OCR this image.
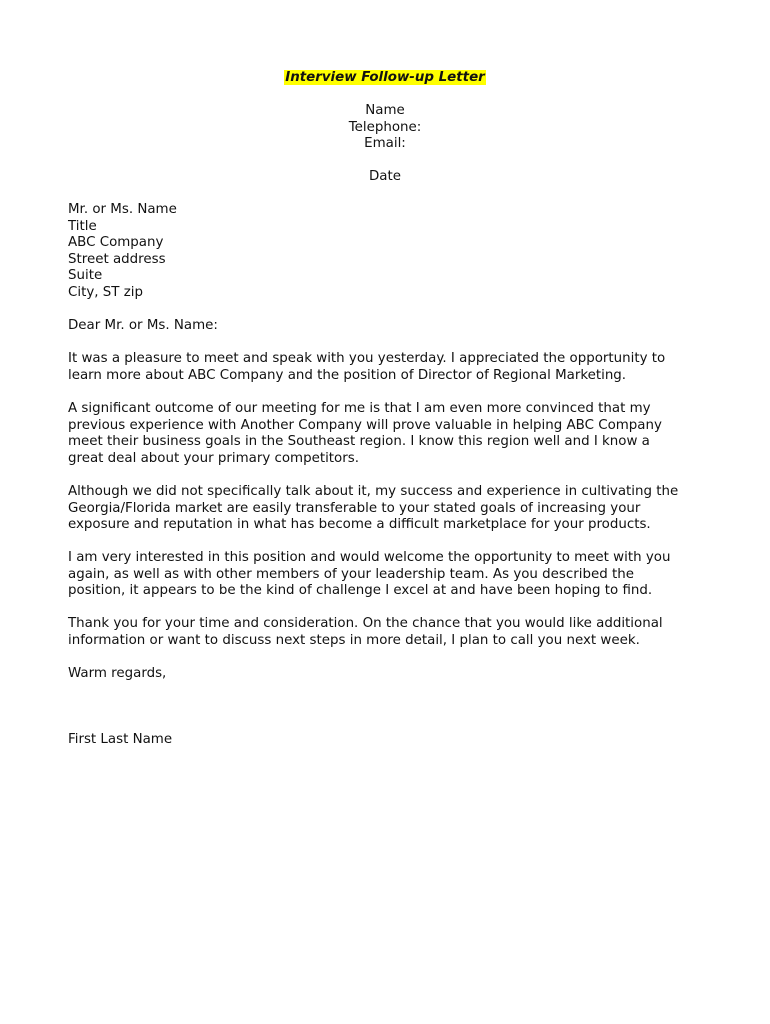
Interview Follow-up Letter
Name
Telephone:
Email:
Date
Mr. or Ms. Name
Title
ABC Company
Street address
Suite
City, ST zip
Dear Mr. or Ms. Name:
It was a pleasure to meet and speak with you yesterday. I appreciated the opportunity to
learn more about ABC Company and the position of Director of Regional Marketing.
A significant outcome of our meeting for me is that I am even more convinced that my
previous experience with Another Company will prove valuable in helping ABC Company
meet their business goals in the Southeast region. I know this region well and I know a
great deal about your primary competitors.
Although we did not specifically talk about it, my success and experience in cultivating the
Georgia/Florida market are easily transferable to your stated goals of increasing your
exposure and reputation in what has become a difficult marketplace for your products.
I am very interested in this position and would welcome the opportunity to meet with you
again, as well as with other members of your leadership team. As you described the
position, it appears to be the kind of challenge I excel at and have been hoping to find.
Thank you for your time and consideration. On the chance that you would like additional
information or want to discuss next steps in more detail, I plan to call you next week.
Warm regards,
First Last Name
